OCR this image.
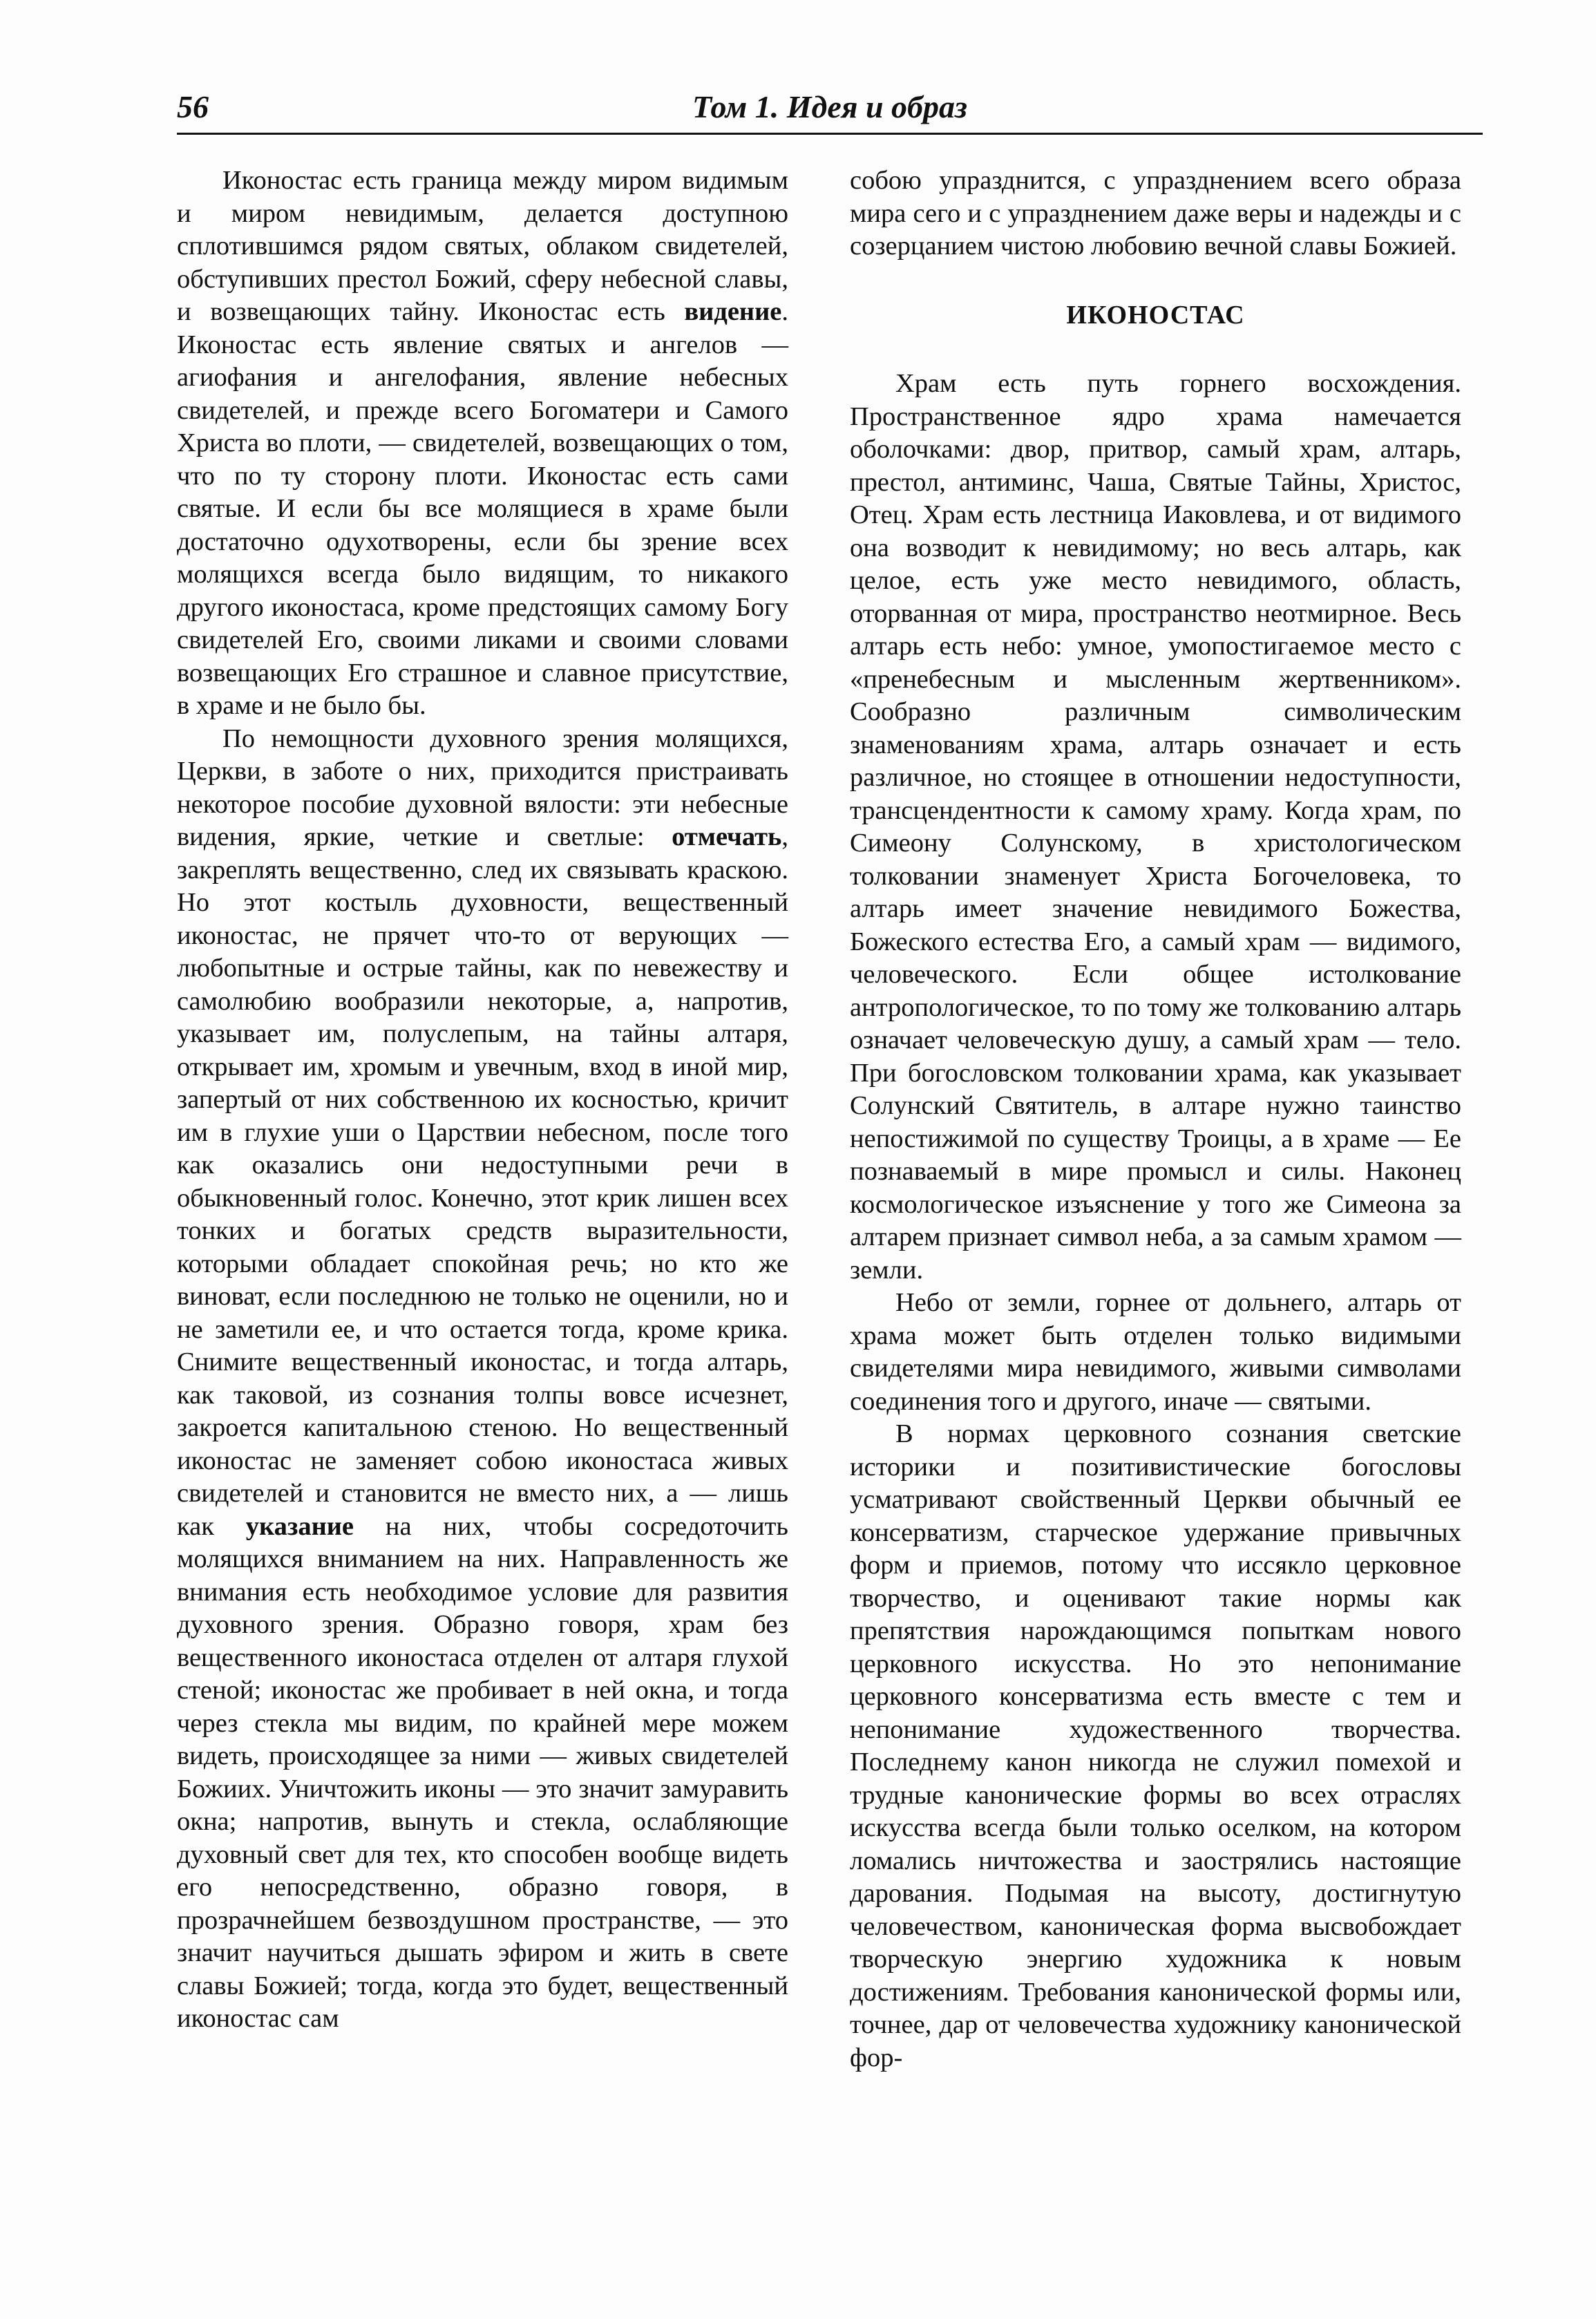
56	Том 1. Идея и образ

Иконостас есть граница между миром видимым и миром невидимым, делается доступною сплотившимся рядом святых, облаком свидетелей, обступивших престол Божий, сферу небесной славы, и возвещающих тайну. Иконостас есть видение. Иконостас есть явление святых и ангелов — агиофания и ангелофания, явление небесных свидетелей, и прежде всего Богоматери и Самого Христа во плоти, — свидетелей, возвещающих о том, что по ту сторону плоти. Иконостас есть сами святые. И если бы все молящиеся в храме были достаточно одухотворены, если бы зрение всех молящихся всегда было видящим, то никакого другого иконостаса, кроме предстоящих самому Богу свидетелей Его, своими ликами и своими словами возвещающих Его страшное и славное присутствие, в храме и не было бы.

По немощности духовного зрения молящихся, Церкви, в заботе о них, приходится пристраивать некоторое пособие духовной вялости: эти небесные видения, яркие, четкие и светлые: отмечать, закреплять вещественно, след их связывать краскою. Но этот костыль духовности, вещественный иконостас, не прячет что-то от верующих — любопытные и острые тайны, как по невежеству и самолюбию вообразили некоторые, а, напротив, указывает им, полуслепым, на тайны алтаря, открывает им, хромым и увечным, вход в иной мир, запертый от них собственною их косностью, кричит им в глухие уши о Царствии небесном, после того как оказались они недоступными речи в обыкновенный голос. Конечно, этот крик лишен всех тонких и богатых средств выразительности, которыми обладает спокойная речь; но кто же виноват, если последнюю не только не оценили, но и не заметили ее, и что остается тогда, кроме крика. Снимите вещественный иконостас, и тогда алтарь, как таковой, из сознания толпы вовсе исчезнет, закроется капитальною стеною. Но вещественный иконостас не заменяет собою иконостаса живых свидетелей и становится не вместо них, а — лишь как указание на них, чтобы сосредоточить молящихся вниманием на них. Направленность же внимания есть необходимое условие для развития духовного зрения. Образно говоря, храм без вещественного иконостаса отделен от алтаря глухой стеной; иконостас же пробивает в ней окна, и тогда через стекла мы видим, по крайней мере можем видеть, происходящее за ними — живых свидетелей Божиих. Уничтожить иконы — это значит замуравить окна; напротив, вынуть и стекла, ослабляющие духовный свет для тех, кто способен вообще видеть его непосредственно, образно говоря, в прозрачнейшем безвоздушном пространстве, — это значит научиться дышать эфиром и жить в свете славы Божией; тогда, когда это будет, вещественный иконостас сам

собою упразднится, с упразднением всего образа мира сего и с упразднением даже веры и надежды и с созерцанием чистою любовию вечной славы Божией.

ИКОНОСТАС

Храм есть путь горнего восхождения. Пространственное ядро храма намечается оболочками: двор, притвор, самый храм, алтарь, престол, антиминс, Чаша, Святые Тайны, Христос, Отец. Храм есть лестница Иаковлева, и от видимого она возводит к невидимому; но весь алтарь, как целое, есть уже место невидимого, область, оторванная от мира, пространство неотмирное. Весь алтарь есть небо: умное, умопостигаемое место с «пренебесным и мысленным жертвенником». Сообразно различным символическим знаменованиям храма, алтарь означает и есть различное, но стоящее в отношении недоступности, трансцендентности к самому храму. Когда храм, по Симеону Солунскому, в христологическом толковании знаменует Христа Богочеловека, то алтарь имеет значение невидимого Божества, Божеского естества Его, а самый храм — видимого, человеческого. Если общее истолкование антропологическое, то по тому же толкованию алтарь означает человеческую душу, а самый храм — тело. При богословском толковании храма, как указывает Солунский Святитель, в алтаре нужно таинство непостижимой по существу Троицы, а в храме — Ее познаваемый в мире промысл и силы. Наконец космологическое изъяснение у того же Симеона за алтарем признает символ неба, а за самым храмом — земли.

Небо от земли, горнее от дольнего, алтарь от храма может быть отделен только видимыми свидетелями мира невидимого, живыми символами соединения того и другого, иначе — святыми.

В нормах церковного сознания светские историки и позитивистические богословы усматривают свойственный Церкви обычный ее консерватизм, старческое удержание привычных форм и приемов, потому что иссякло церковное творчество, и оценивают такие нормы как препятствия нарождающимся попыткам нового церковного искусства. Но это непонимание церковного консерватизма есть вместе с тем и непонимание художественного творчества. Последнему канон никогда не служил помехой и трудные канонические формы во всех отраслях искусства всегда были только оселком, на котором ломались ничтожества и заострялись настоящие дарования. Подымая на высоту, достигнутую человечеством, каноническая форма высвобождает творческую энергию художника к новым достижениям. Требования канонической формы или, точнее, дар от человечества художнику канонической фор-
